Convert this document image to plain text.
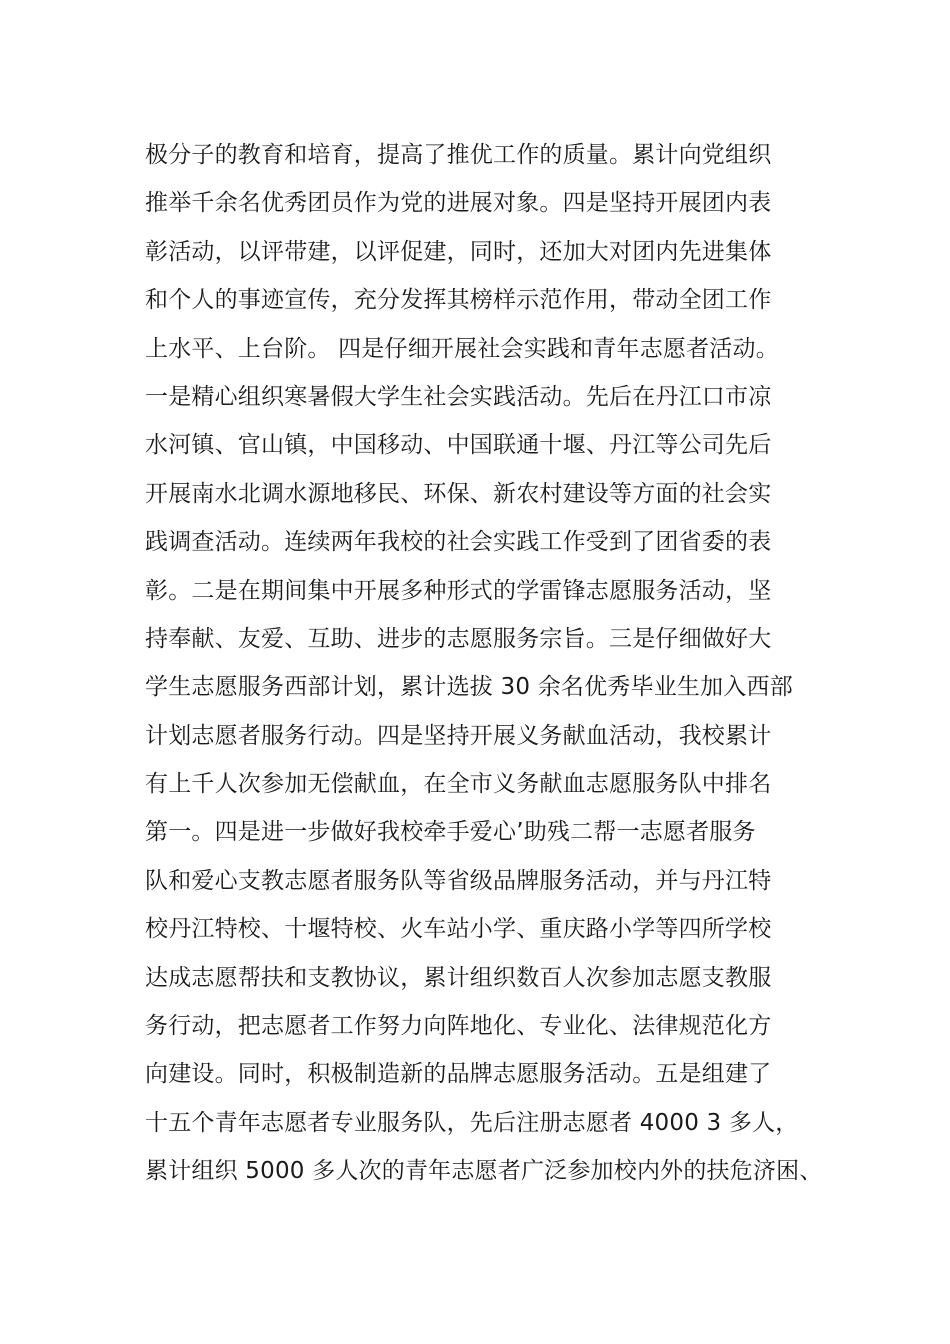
极分子的教育和培育，提高了推优工作的质量。累计向党组织
推举千余名优秀团员作为党的进展对象。四是坚持开展团内表
彰活动，以评带建，以评促建，同时，还加大对团内先进集体
和个人的事迹宣传，充分发挥其榜样示范作用，带动全团工作
上水平、上台阶。 四是仔细开展社会实践和青年志愿者活动。
一是精心组织寒暑假大学生社会实践活动。先后在丹江口市凉
水河镇、官山镇，中国移动、中国联通十堰、丹江等公司先后
开展南水北调水源地移民、环保、新农村建设等方面的社会实
践调查活动。连续两年我校的社会实践工作受到了团省委的表
彰。二是在期间集中开展多种形式的学雷锋志愿服务活动，坚
持奉献、友爱、互助、进步的志愿服务宗旨。三是仔细做好大
学生志愿服务西部计划，累计选拔 30 余名优秀毕业生加入西部
计划志愿者服务行动。四是坚持开展义务献血活动，我校累计
有上千人次参加无偿献血，在全市义务献血志愿服务队中排名
第一。四是进一步做好我校牵手爱心’助残二帮一志愿者服务
队和爱心支教志愿者服务队等省级品牌服务活动，并与丹江特
校丹江特校、十堰特校、火车站小学、重庆路小学等四所学校
达成志愿帮扶和支教协议，累计组织数百人次参加志愿支教服
务行动，把志愿者工作努力向阵地化、专业化、法律规范化方
向建设。同时，积极制造新的品牌志愿服务活动。五是组建了
十五个青年志愿者专业服务队，先后注册志愿者 4000 3 多人，
累计组织 5000 多人次的青年志愿者广泛参加校内外的扶危济困、
